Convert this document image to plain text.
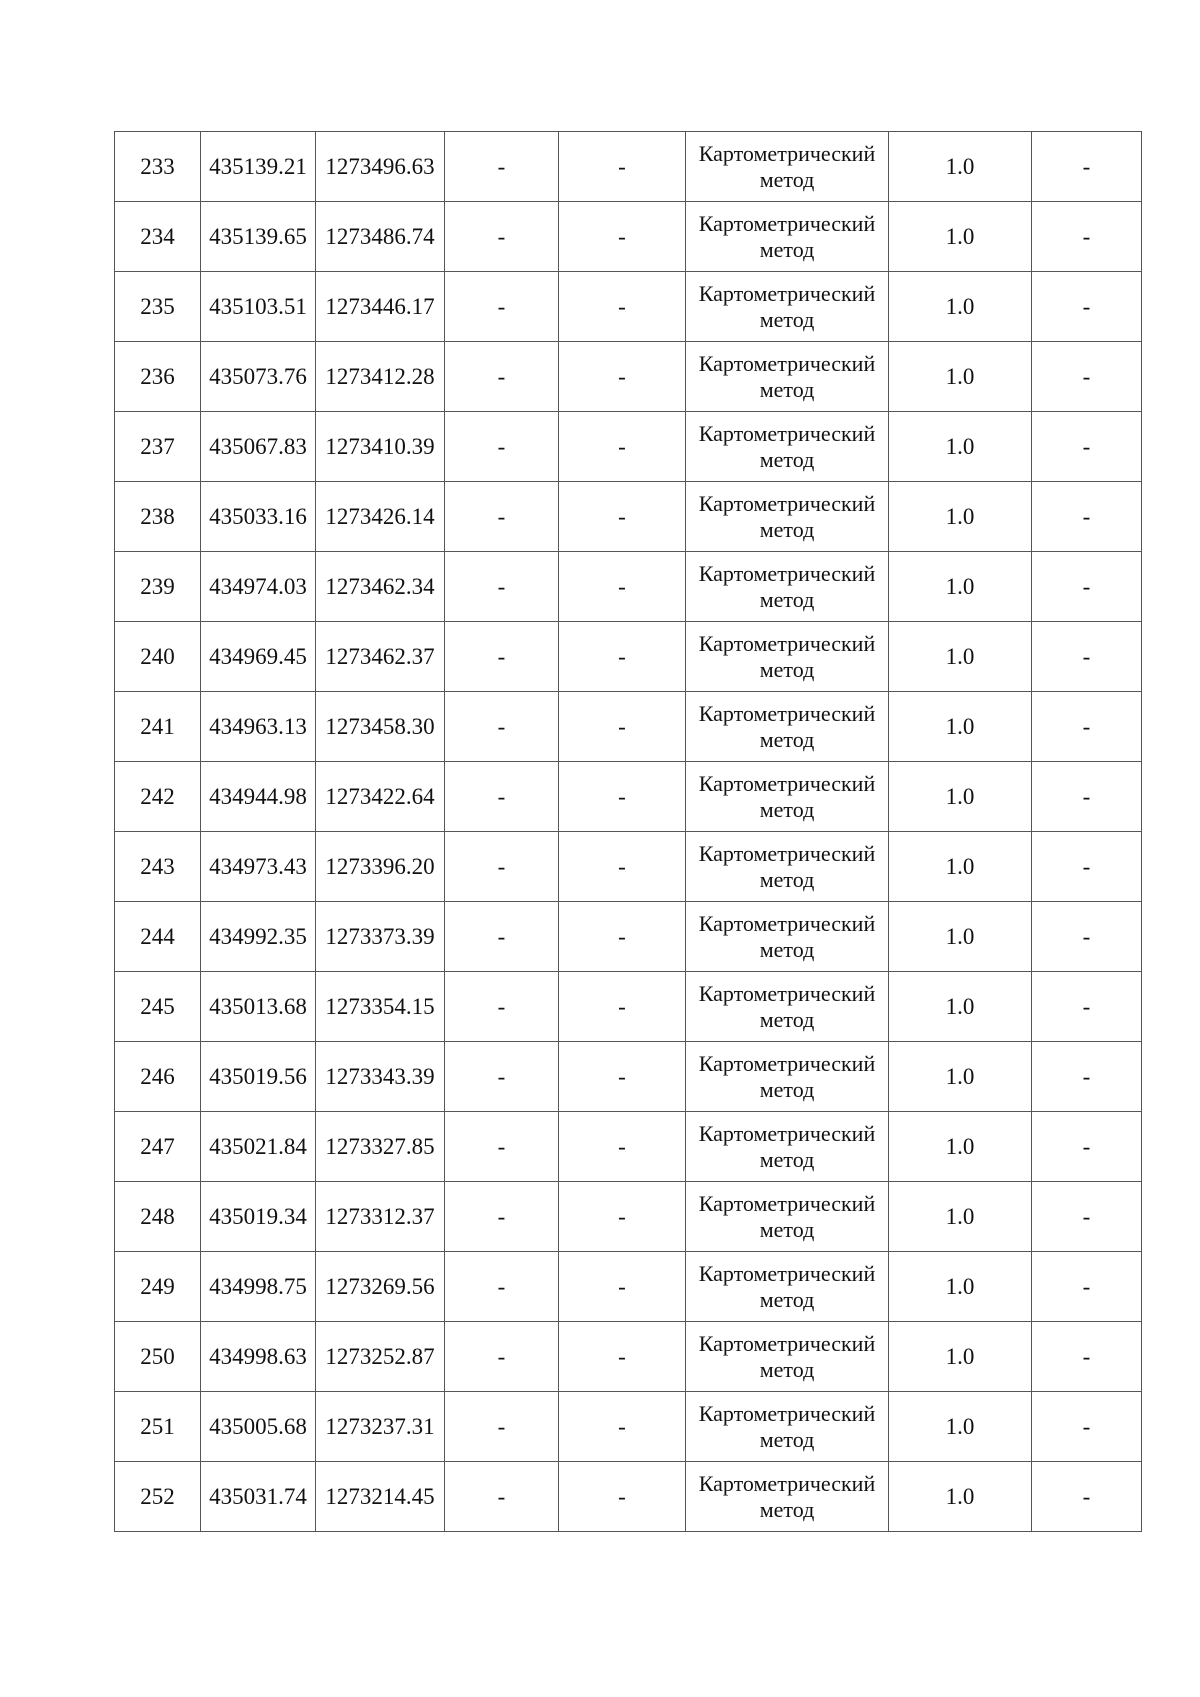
233	435139.21	1273496.63	-	-	Картометрический
метод	1.0	-
234	435139.65	1273486.74	-	-	Картометрический
метод	1.0	-
235	435103.51	1273446.17	-	-	Картометрический
метод	1.0	-
236	435073.76	1273412.28	-	-	Картометрический
метод	1.0	-
237	435067.83	1273410.39	-	-	Картометрический
метод	1.0	-
238	435033.16	1273426.14	-	-	Картометрический
метод	1.0	-
239	434974.03	1273462.34	-	-	Картометрический
метод	1.0	-
240	434969.45	1273462.37	-	-	Картометрический
метод	1.0	-
241	434963.13	1273458.30	-	-	Картометрический
метод	1.0	-
242	434944.98	1273422.64	-	-	Картометрический
метод	1.0	-
243	434973.43	1273396.20	-	-	Картометрический
метод	1.0	-
244	434992.35	1273373.39	-	-	Картометрический
метод	1.0	-
245	435013.68	1273354.15	-	-	Картометрический
метод	1.0	-
246	435019.56	1273343.39	-	-	Картометрический
метод	1.0	-
247	435021.84	1273327.85	-	-	Картометрический
метод	1.0	-
248	435019.34	1273312.37	-	-	Картометрический
метод	1.0	-
249	434998.75	1273269.56	-	-	Картометрический
метод	1.0	-
250	434998.63	1273252.87	-	-	Картометрический
метод	1.0	-
251	435005.68	1273237.31	-	-	Картометрический
метод	1.0	-
252	435031.74	1273214.45	-	-	Картометрический
метод	1.0	-
